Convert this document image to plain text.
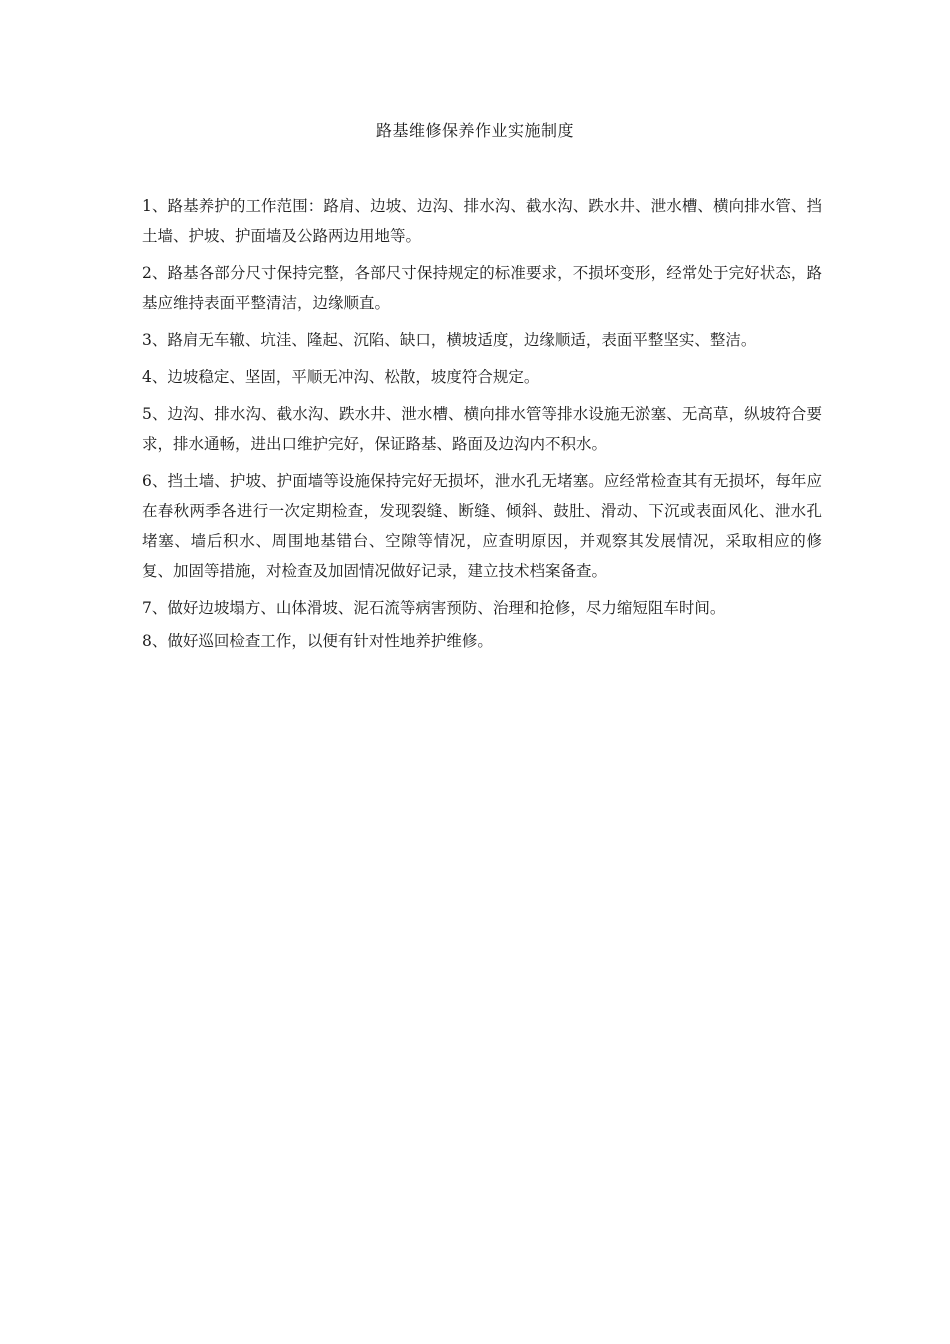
路基维修保养作业实施制度

1、路基养护的工作范围：路肩、边坡、边沟、排水沟、截水沟、跌水井、泄水槽、横向排水管、挡土墙、护坡、护面墙及公路两边用地等。

2、路基各部分尺寸保持完整，各部尺寸保持规定的标准要求，不损坏变形，经常处于完好状态，路基应维持表面平整清洁，边缘顺直。

3、路肩无车辙、坑洼、隆起、沉陷、缺口，横坡适度，边缘顺适，表面平整坚实、整洁。

4、边坡稳定、坚固，平顺无冲沟、松散，坡度符合规定。

5、边沟、排水沟、截水沟、跌水井、泄水槽、横向排水管等排水设施无淤塞、无高草，纵坡符合要求，排水通畅，进出口维护完好，保证路基、路面及边沟内不积水。

6、挡土墙、护坡、护面墙等设施保持完好无损坏，泄水孔无堵塞。应经常检查其有无损坏，每年应在春秋两季各进行一次定期检查，发现裂缝、断缝、倾斜、鼓肚、滑动、下沉或表面风化、泄水孔堵塞、墙后积水、周围地基错台、空隙等情况，应查明原因，并观察其发展情况，采取相应的修复、加固等措施，对检查及加固情况做好记录，建立技术档案备查。

7、做好边坡塌方、山体滑坡、泥石流等病害预防、治理和抢修，尽力缩短阻车时间。

8、做好巡回检查工作，以便有针对性地养护维修。
